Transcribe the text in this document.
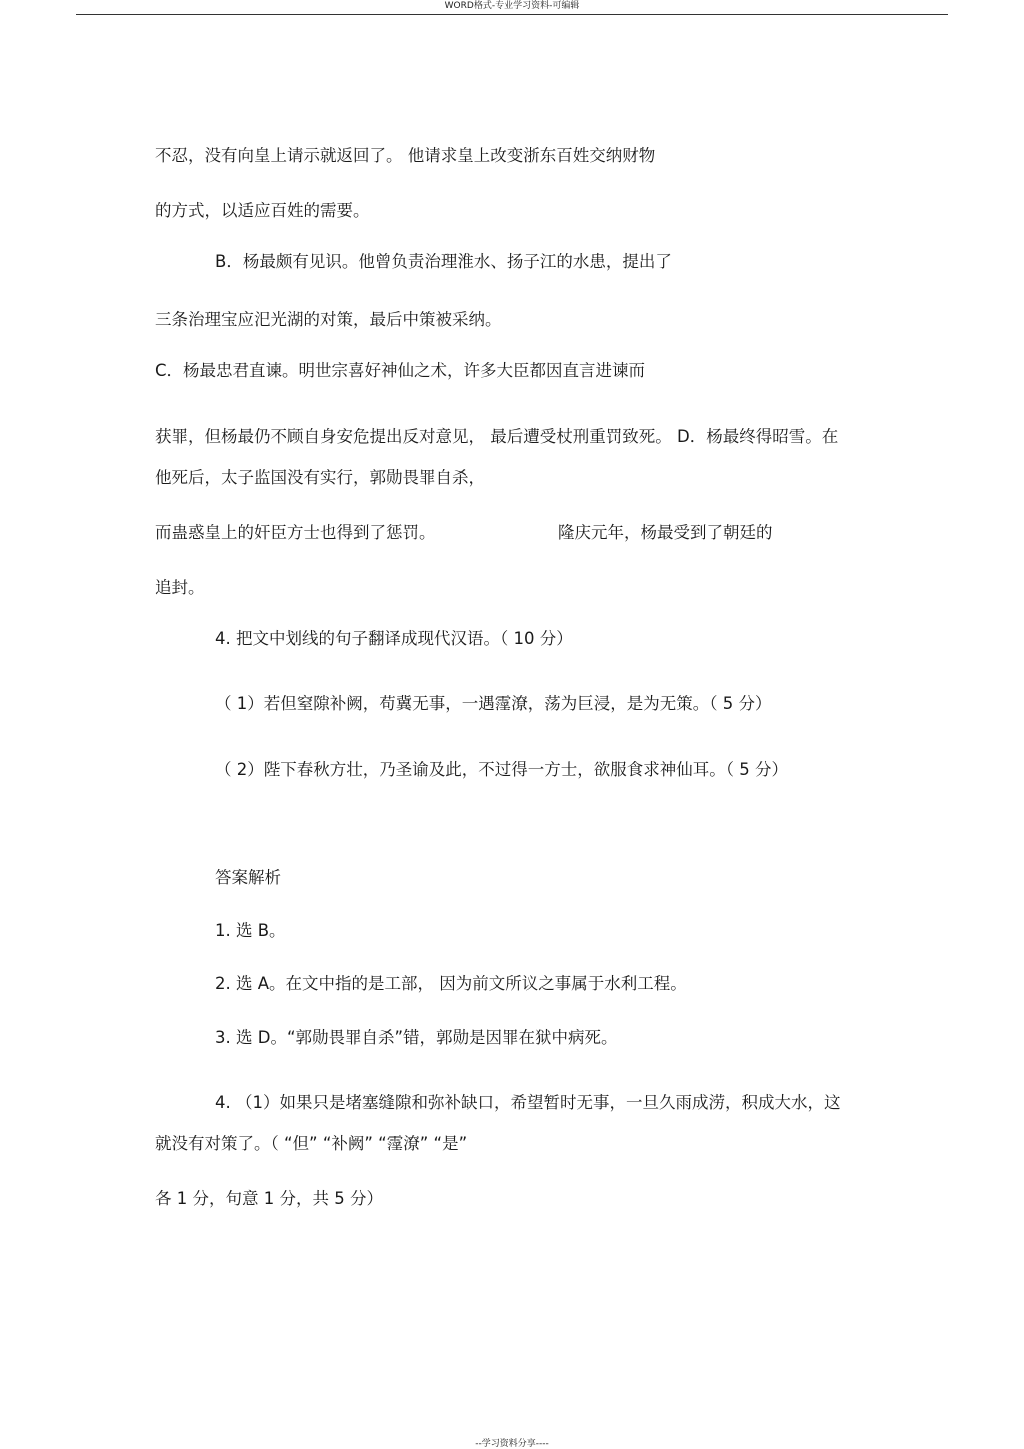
WORD格式-专业学习资料-可编辑
不忍，没有向皇上请示就返回了。 他请求皇上改变浙东百姓交纳财物
的方式，以适应百姓的需要。
B．杨最颇有见识。他曾负责治理淮水、扬子江的水患，提出了
三条治理宝应汜光湖的对策，最后中策被采纳。
C．杨最忠君直谏。明世宗喜好神仙之术，许多大臣都因直言进谏而
获罪，但杨最仍不顾自身安危提出反对意见， 最后遭受杖刑重罚致死。 D．杨最终得昭雪。在
他死后，太子监国没有实行，郭勋畏罪自杀，
而蛊惑皇上的奸臣方士也得到了惩罚。	隆庆元年，杨最受到了朝廷的
追封。
4. 把文中划线的句子翻译成现代汉语。（ 10 分）
（ 1）若但窒隙补阙，苟冀无事，一遇霪潦，荡为巨浸，是为无策。（ 5 分）
（ 2）陛下春秋方壮，乃圣谕及此，不过得一方士，欲服食求神仙耳。（ 5 分）
答案解析
1. 选 B。
2. 选 A。在文中指的是工部， 因为前文所议之事属于水利工程。
3. 选 D。“郭勋畏罪自杀”错，郭勋是因罪在狱中病死。
4. （1）如果只是堵塞缝隙和弥补缺口，希望暂时无事，一旦久雨成涝，积成大水，这
就没有对策了。（ “但” “补阙” “霪潦” “是”
各 1 分，句意 1 分，共 5 分）
--学习资料分享----
